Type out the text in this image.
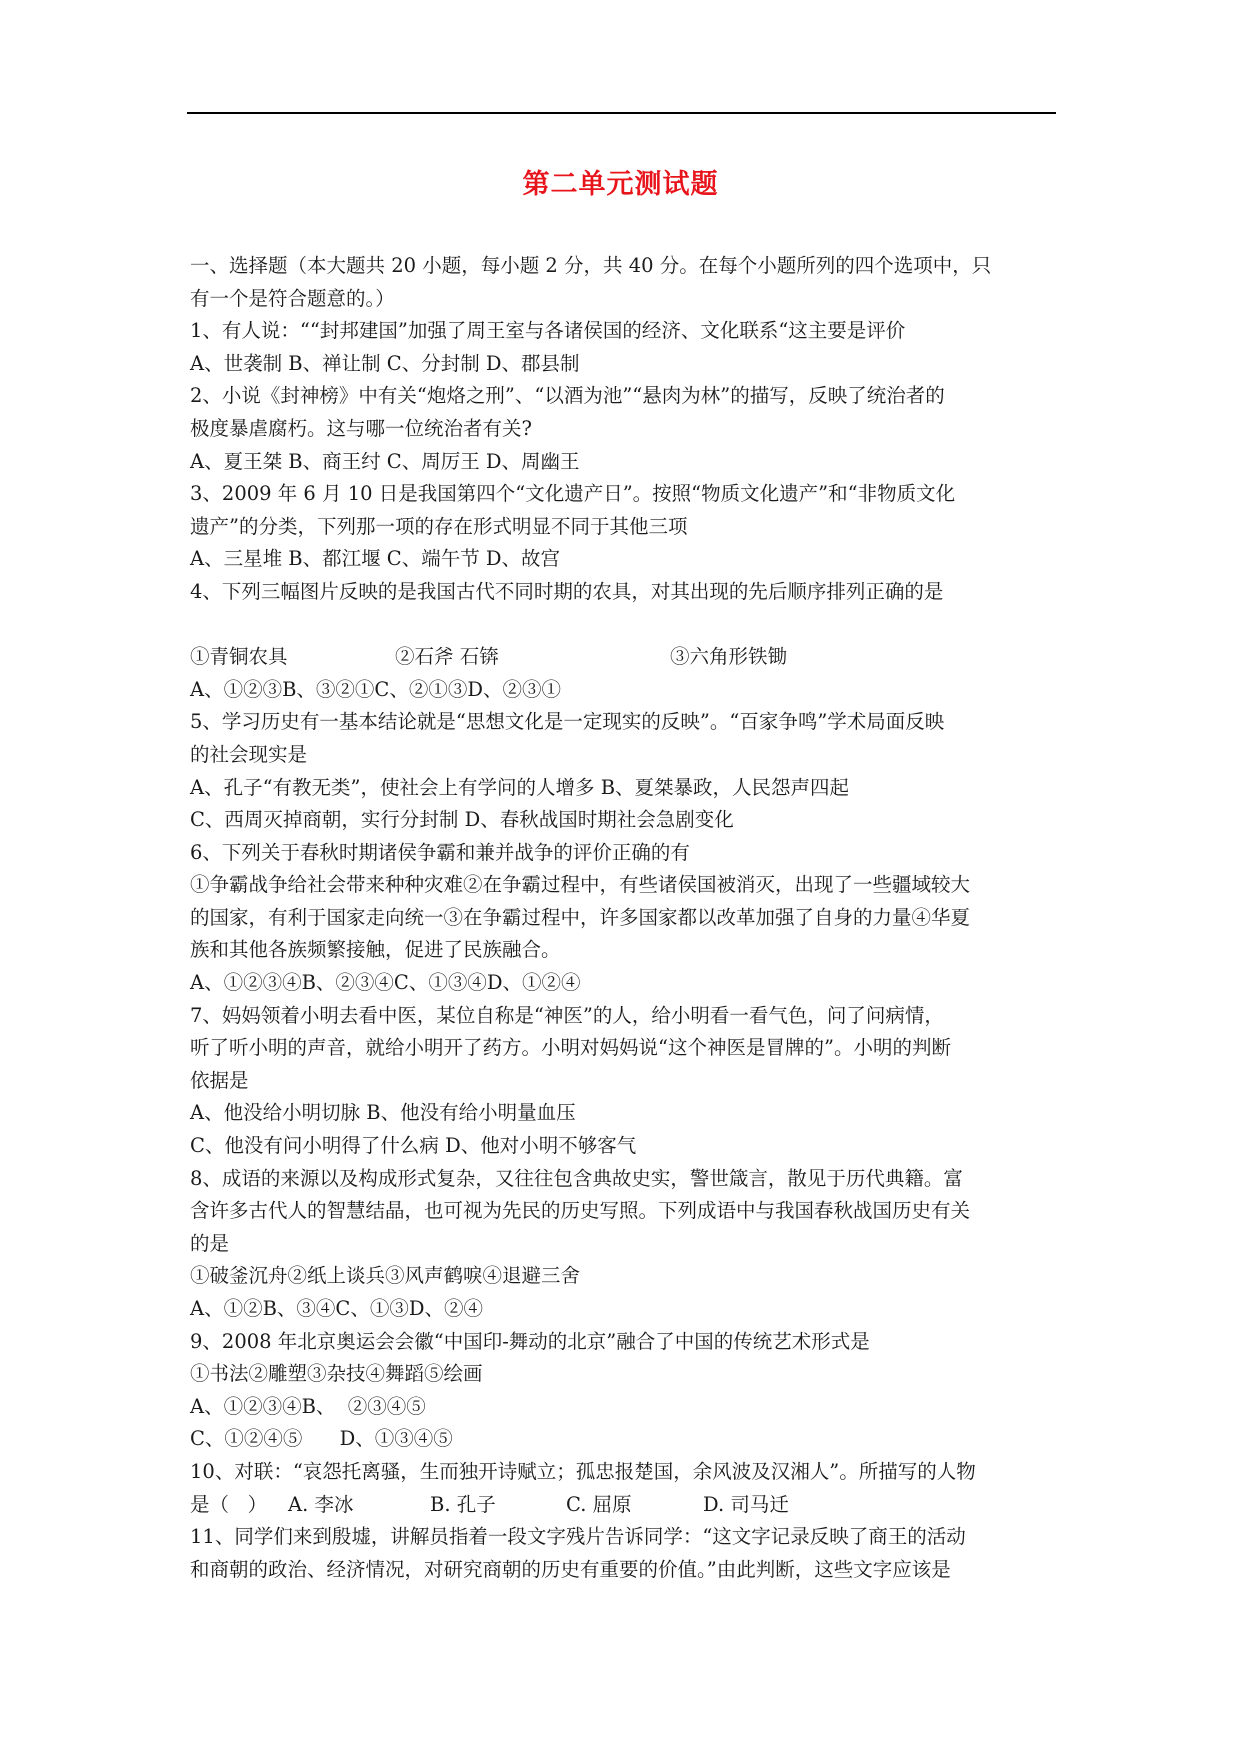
第二单元测试题
一、选择题（本大题共 20 小题，每小题 2 分，共 40 分。在每个小题所列的四个选项中，只
有一个是符合题意的。）
1、有人说：““封邦建国”加强了周王室与各诸侯国的经济、文化联系“这主要是评价
A、世袭制 B、禅让制 C、分封制 D、郡县制
2、小说《封神榜》中有关“炮烙之刑”、“以酒为池”“悬肉为林”的描写，反映了统治者的
极度暴虐腐朽。这与哪一位统治者有关?
A、夏王桀 B、商王纣 C、周厉王 D、周幽王
3、2009 年 6 月 10 日是我国第四个“文化遗产日”。按照“物质文化遗产”和“非物质文化
遗产”的分类，下列那一项的存在形式明显不同于其他三项
A、三星堆 B、都江堰 C、端午节 D、故宫
4、下列三幅图片反映的是我国古代不同时期的农具，对其出现的先后顺序排列正确的是
①青铜农具	②石斧 石锛	③六角形铁锄
A、①②③B、③②①C、②①③D、②③①
5、学习历史有一基本结论就是“思想文化是一定现实的反映”。“百家争鸣”学术局面反映
的社会现实是
A、孔子“有教无类”，使社会上有学问的人增多 B、夏桀暴政，人民怨声四起
C、西周灭掉商朝，实行分封制 D、春秋战国时期社会急剧变化
6、下列关于春秋时期诸侯争霸和兼并战争的评价正确的有
①争霸战争给社会带来种种灾难②在争霸过程中，有些诸侯国被消灭，出现了一些疆域较大
的国家，有利于国家走向统一③在争霸过程中，许多国家都以改革加强了自身的力量④华夏
族和其他各族频繁接触，促进了民族融合。
A、①②③④B、②③④C、①③④D、①②④
7、妈妈领着小明去看中医，某位自称是“神医”的人，给小明看一看气色，问了问病情，
听了听小明的声音，就给小明开了药方。小明对妈妈说“这个神医是冒牌的”。小明的判断
依据是
A、他没给小明切脉 B、他没有给小明量血压
C、他没有问小明得了什么病 D、他对小明不够客气
8、成语的来源以及构成形式复杂，又往往包含典故史实，警世箴言，散见于历代典籍。富
含许多古代人的智慧结晶，也可视为先民的历史写照。下列成语中与我国春秋战国历史有关
的是
①破釜沉舟②纸上谈兵③风声鹤唳④退避三舍
A、①②B、③④C、①③D、②④
9、2008 年北京奥运会会徽“中国印-舞动的北京”融合了中国的传统艺术形式是
①书法②雕塑③杂技④舞蹈⑤绘画
A、①②③④B、  ②③④⑤
C、①②④⑤      D、①③④⑤
10、对联：“哀怨托离骚，生而独开诗赋立；孤忠报楚国，余风波及汉湘人”。所描写的人物
是（   ）	A. 李冰	B. 孔子	C. 屈原	D. 司马迁
11、同学们来到殷墟，讲解员指着一段文字残片告诉同学：“这文字记录反映了商王的活动
和商朝的政治、经济情况，对研究商朝的历史有重要的价值。”由此判断，这些文字应该是
